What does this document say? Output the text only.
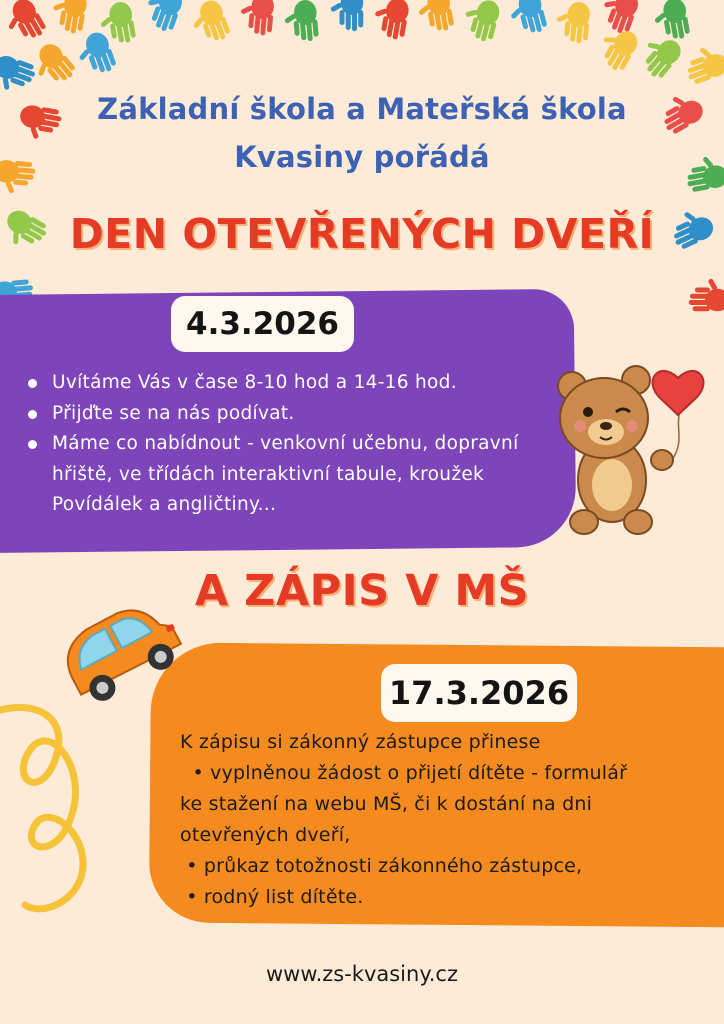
Základní škola a Mateřská škola
Kvasiny pořádá
DEN OTEVŘENÝCH DVEŘÍ
4.3.2026
Uvítáme Vás v čase 8-10 hod a 14-16 hod.
Přijďte se na nás podívat.
Máme co nabídnout - venkovní učebnu, dopravní hřiště, ve třídách interaktivní tabule, kroužek Povídálek a angličtiny...
A ZÁPIS V MŠ
17.3.2026
K zápisu si zákonný zástupce přinese
• vyplněnou žádost o přijetí dítěte - formulář
ke stažení na webu MŠ, či k dostání na dni
otevřených dveří,
• průkaz totožnosti zákonného zástupce,
• rodný list dítěte.
www.zs-kvasiny.cz
